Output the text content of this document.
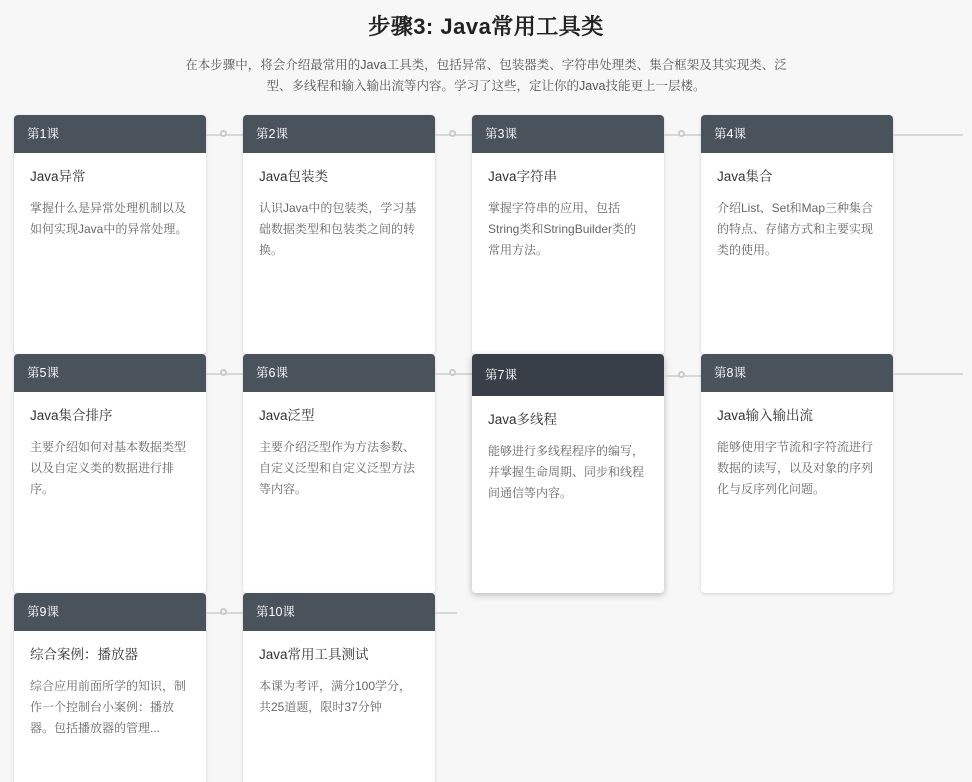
步骤3: Java常用工具类

在本步骤中，将会介绍最常用的Java工具类，包括异常、包装器类、字符串处理类、集合框架及其实现类、泛型、多线程和输入输出流等内容。学习了这些，定让你的Java技能更上一层楼。

第1课
Java异常
掌握什么是异常处理机制以及如何实现Java中的异常处理。
第2课
Java包装类
认识Java中的包装类，学习基础数据类型和包装类之间的转换。
第3课
Java字符串
掌握字符串的应用，包括String类和StringBuilder类的常用方法。
第4课
Java集合
介绍List、Set和Map三种集合的特点、存储方式和主要实现类的使用。
第5课
Java集合排序
主要介绍如何对基本数据类型以及自定义类的数据进行排序。
第6课
Java泛型
主要介绍泛型作为方法参数、自定义泛型和自定义泛型方法等内容。
第7课
Java多线程
能够进行多线程程序的编写，并掌握生命周期、同步和线程间通信等内容。
第8课
Java输入输出流
能够使用字节流和字符流进行数据的读写，以及对象的序列化与反序列化问题。
第9课
综合案例：播放器
综合应用前面所学的知识，制作一个控制台小案例：播放器。包括播放器的管理...
第10课
Java常用工具测试
本课为考评，满分100学分，共25道题，限时37分钟
